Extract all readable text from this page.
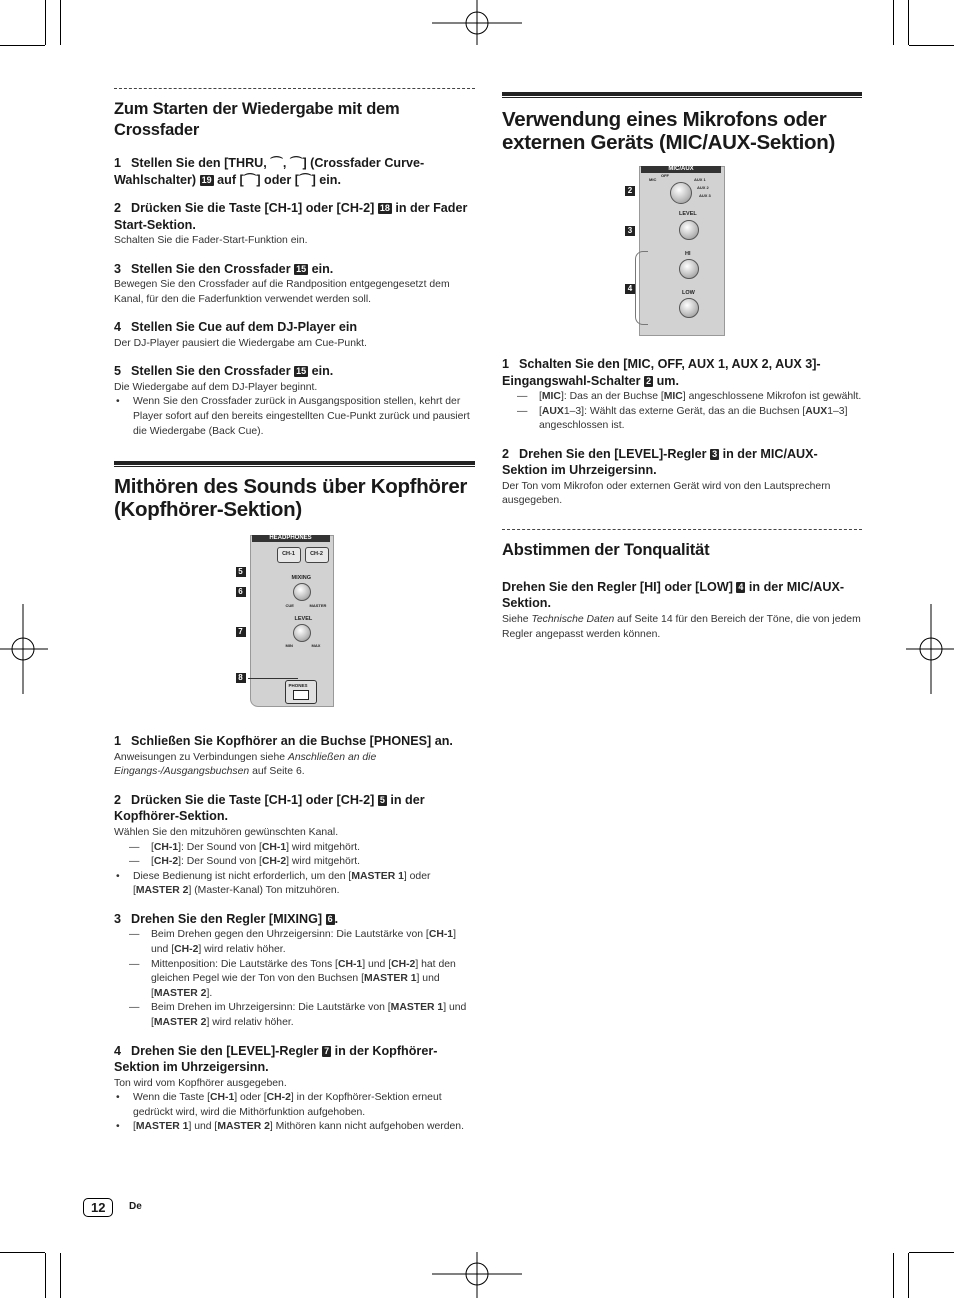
Zum Starten der Wiedergabe mit dem Crossfader
1 Stellen Sie den [THRU, ⌒, ⌒] (Crossfader Curve-Wahlschalter) 19 auf [⌒] oder [⌒] ein.
2 Drücken Sie die Taste [CH-1] oder [CH-2] 18 in der Fader Start-Sektion.
Schalten Sie die Fader-Start-Funktion ein.
3 Stellen Sie den Crossfader 15 ein.
Bewegen Sie den Crossfader auf die Randposition entgegengesetzt dem Kanal, für den die Faderfunktion verwendet werden soll.
4 Stellen Sie Cue auf dem DJ-Player ein
Der DJ-Player pausiert die Wiedergabe am Cue-Punkt.
5 Stellen Sie den Crossfader 15 ein.
Die Wiedergabe auf dem DJ-Player beginnt.
• Wenn Sie den Crossfader zurück in Ausgangsposition stellen, kehrt der Player sofort auf den bereits eingestellten Cue-Punkt zurück und pausiert die Wiedergabe (Back Cue).
Mithören des Sounds über Kopfhörer (Kopfhörer-Sektion)
HEADPHONES
CH-1	CH-2
5
MIXING
CUE	MASTER
6
LEVEL
MIN	MAX
7
8
PHONES
1 Schließen Sie Kopfhörer an die Buchse [PHONES] an.
Anweisungen zu Verbindungen siehe Anschließen an die Eingangs-/Ausgangsbuchsen auf Seite 6.
2 Drücken Sie die Taste [CH-1] oder [CH-2] 5 in der Kopfhörer-Sektion.
Wählen Sie den mitzuhören gewünschten Kanal.
— [CH-1]: Der Sound von [CH-1] wird mitgehört.
— [CH-2]: Der Sound von [CH-2] wird mitgehört.
• Diese Bedienung ist nicht erforderlich, um den [MASTER 1] oder [MASTER 2] (Master-Kanal) Ton mitzuhören.
3 Drehen Sie den Regler [MIXING] 6 .
— Beim Drehen gegen den Uhrzeigersinn: Die Lautstärke von [CH-1] und [CH-2] wird relativ höher.
— Mittenposition: Die Lautstärke des Tons [CH-1] und [CH-2] hat den gleichen Pegel wie der Ton von den Buchsen [MASTER 1] und [MASTER 2].
— Beim Drehen im Uhrzeigersinn: Die Lautstärke von [MASTER 1] und [MASTER 2] wird relativ höher.
4 Drehen Sie den [LEVEL]-Regler 7 in der Kopfhörer-Sektion im Uhrzeigersinn.
Ton wird vom Kopfhörer ausgegeben.
• Wenn die Taste [CH-1] oder [CH-2] in der Kopfhörer-Sektion erneut gedrückt wird, wird die Mithörfunktion aufgehoben.
• [MASTER 1] und [MASTER 2] Mithören kann nicht aufgehoben werden.
Verwendung eines Mikrofons oder externen Geräts (MIC/AUX-Sektion)
MIC/AUX
MIC
OFF
AUX 1
AUX 2
AUX 3
2
LEVEL
3
HI
LOW
4
1 Schalten Sie den [MIC, OFF, AUX 1, AUX 2, AUX 3]-Eingangswahl-Schalter 2 um.
— [MIC]: Das an der Buchse [MIC] angeschlossene Mikrofon ist gewählt.
— [AUX1–3]: Wählt das externe Gerät, das an die Buchsen [AUX1–3] angeschlossen ist.
2 Drehen Sie den [LEVEL]-Regler 3 in der MIC/AUX-Sektion im Uhrzeigersinn.
Der Ton vom Mikrofon oder externen Gerät wird von den Lautsprechern ausgegeben.
Abstimmen der Tonqualität
Drehen Sie den Regler [HI] oder [LOW] 4 in der MIC/AUX-Sektion.
Siehe Technische Daten auf Seite 14 für den Bereich der Töne, die von jedem Regler angepasst werden können.
12	De
